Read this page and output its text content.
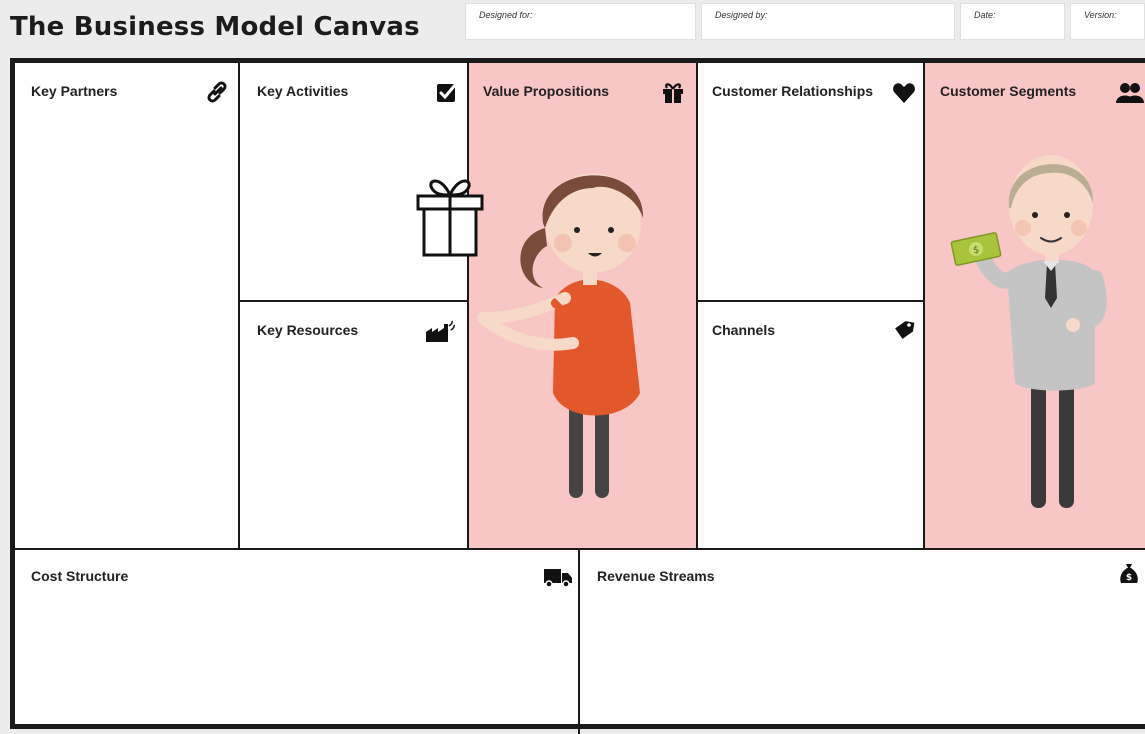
The Business Model Canvas	Designed for:	Designed by:	Date:	Version:
Key Partners	Key Activities
Key Resources
Value Propositions	Customer Relationships
Channels
Customer Segments
Cost Structure	Revenue Streams	$
$
